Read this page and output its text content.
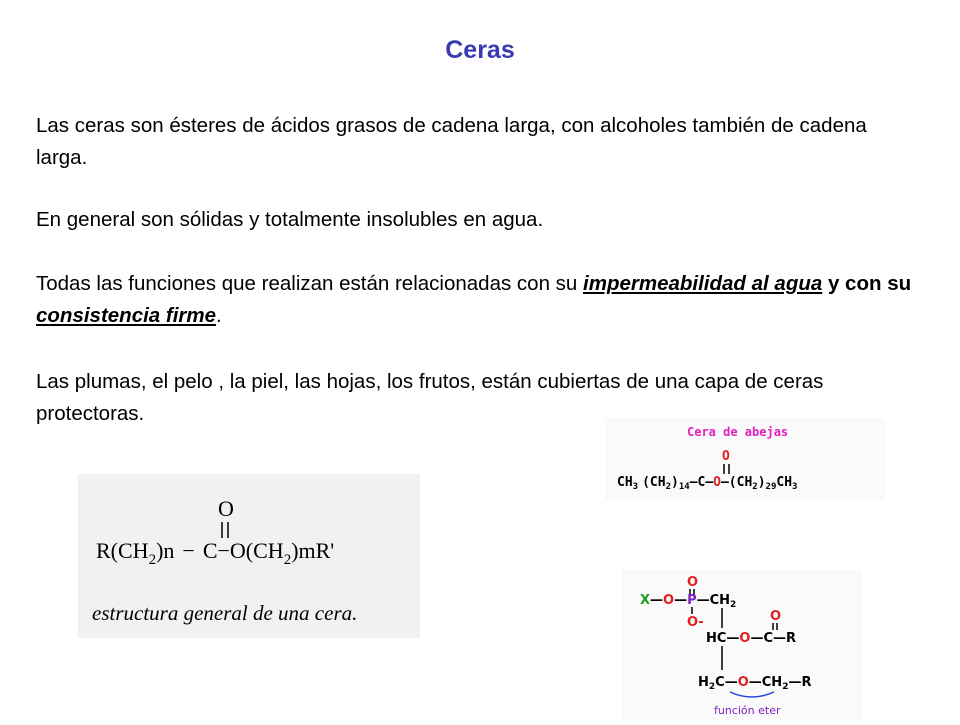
Ceras

Las ceras son ésteres de ácidos grasos de cadena larga, con alcoholes también de cadena larga.

En general son sólidas y totalmente insolubles en agua.

Todas las funciones que realizan están relacionadas con su impermeabilidad al agua y con su consistencia firme.

Las plumas, el pelo , la piel, las hojas, los frutos, están cubiertas de una capa de ceras protectoras.

O
$R(CH_2)n - C-O(CH_2)mR'$
estructura general de una cera.
Cera de abejas
O
$CH_3$ $(CH_2)_{14}—C—O—(CH_2)_{29}CH_3$
O
$X—O—P—CH_2$
O-	O
HC—O—C—R
$H_2C—O—CH_2—R$
función eter
